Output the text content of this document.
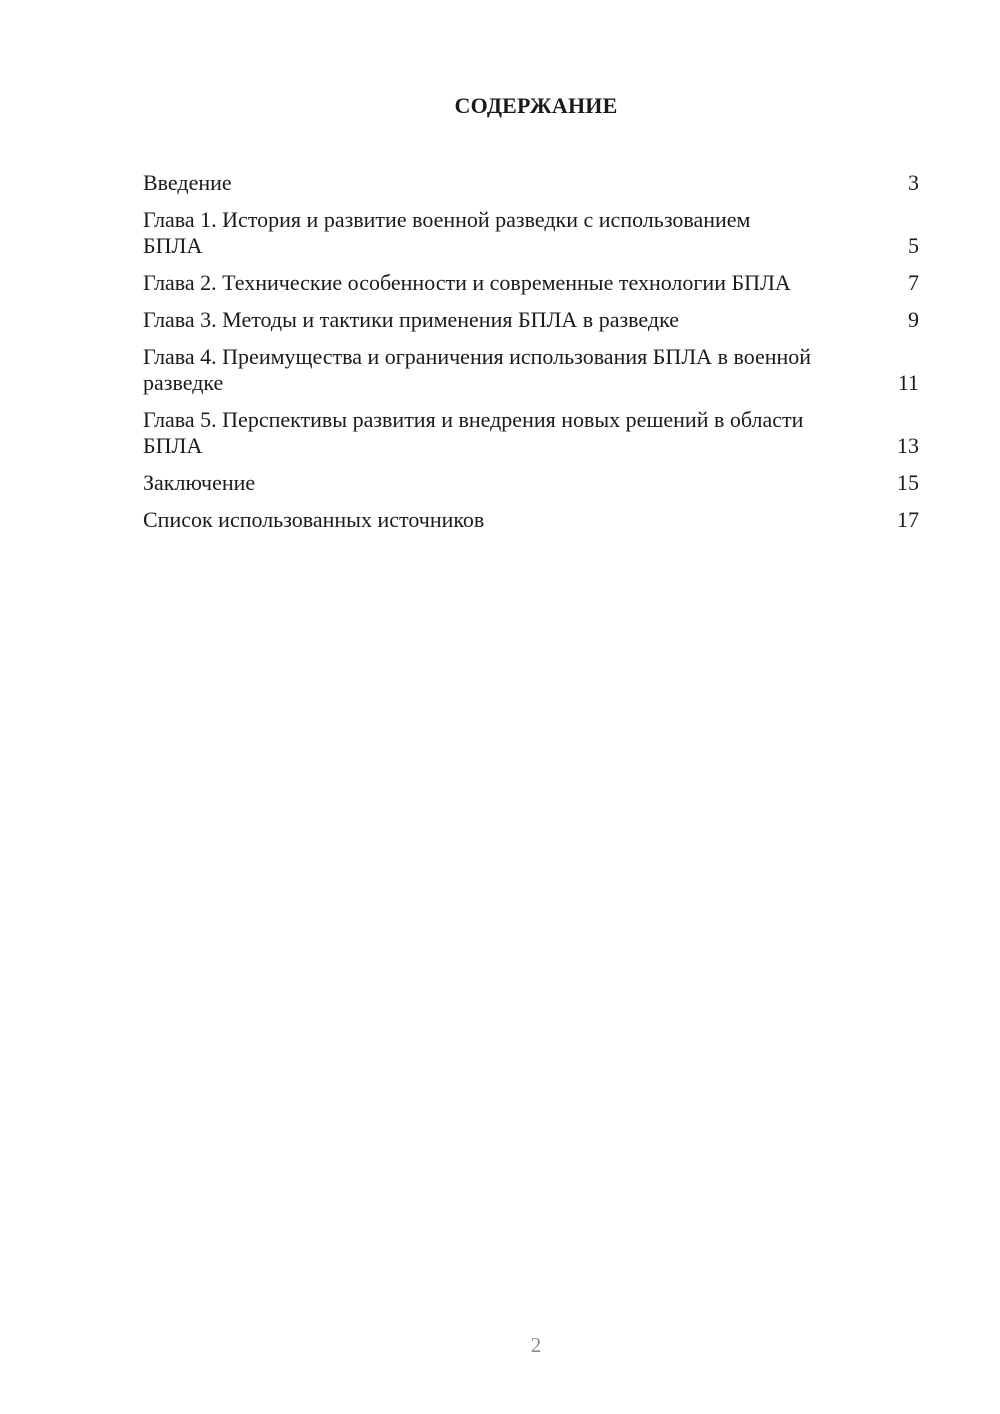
СОДЕРЖАНИЕ
Введение	3
Глава 1. История и развитие военной разведки с использованием БПЛА	5
Глава 2. Технические особенности и современные технологии БПЛА	7
Глава 3. Методы и тактики применения БПЛА в разведке	9
Глава 4. Преимущества и ограничения использования БПЛА в военной разведке	11
Глава 5. Перспективы развития и внедрения новых решений в области БПЛА	13
Заключение	15
Список использованных источников	17
2
